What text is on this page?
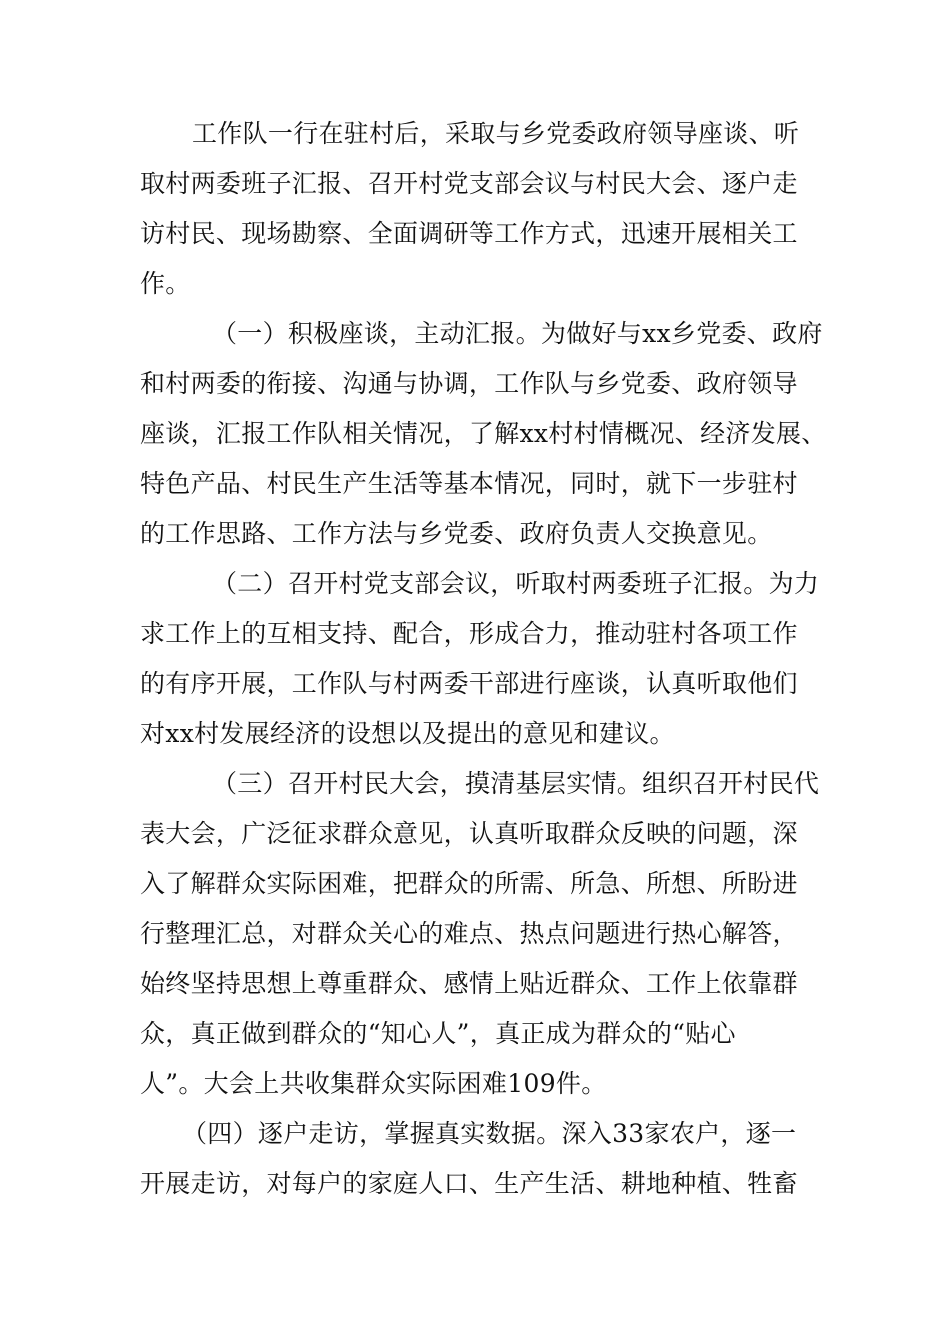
工作队一行在驻村后，采取与乡党委政府领导座谈、听
取村两委班子汇报、召开村党支部会议与村民大会、逐户走
访村民、现场勘察、全面调研等工作方式，迅速开展相关工
作。
（一）积极座谈，主动汇报。为做好与xx乡党委、政府
和村两委的衔接、沟通与协调，工作队与乡党委、政府领导
座谈，汇报工作队相关情况，了解xx村村情概况、经济发展、
特色产品、村民生产生活等基本情况，同时，就下一步驻村
的工作思路、工作方法与乡党委、政府负责人交换意见。
（二）召开村党支部会议，听取村两委班子汇报。为力
求工作上的互相支持、配合，形成合力，推动驻村各项工作
的有序开展，工作队与村两委干部进行座谈，认真听取他们
对xx村发展经济的设想以及提出的意见和建议。
（三）召开村民大会，摸清基层实情。组织召开村民代
表大会，广泛征求群众意见，认真听取群众反映的问题，深
入了解群众实际困难，把群众的所需、所急、所想、所盼进
行整理汇总，对群众关心的难点、热点问题进行热心解答，
始终坚持思想上尊重群众、感情上贴近群众、工作上依靠群
众，真正做到群众的“知心人”，真正成为群众的“贴心
人”。大会上共收集群众实际困难109件。
（四）逐户走访，掌握真实数据。深入33家农户，逐一
开展走访，对每户的家庭人口、生产生活、耕地种植、牲畜
